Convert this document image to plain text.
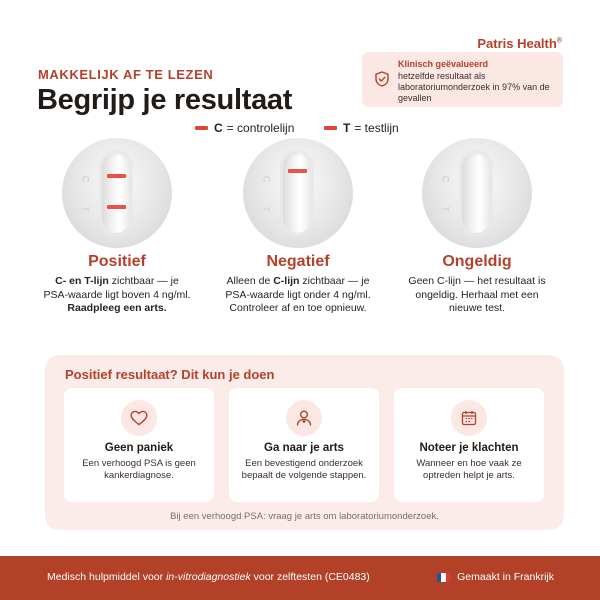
Patris Health®
MAKKELIJK AF TE LEZEN
Begrijp je resultaat
Klinisch geëvalueerd
hetzelfde resultaat als laboratoriumonderzoek in 97% van de gevallen
C = controlelijn	T = testlijn
C
T
C
T
C
T
Positief
C- en T-lijn zichtbaar — je PSA-waarde ligt boven 4 ng/ml. Raadpleeg een arts.
Negatief
Alleen de C-lijn zichtbaar — je PSA-waarde ligt onder 4 ng/ml. Controleer af en toe opnieuw.
Ongeldig
Geen C-lijn — het resultaat is ongeldig. Herhaal met een nieuwe test.
Positief resultaat? Dit kun je doen
Geen paniek
Een verhoogd PSA is geen kankerdiagnose.
Ga naar je arts
Een bevestigend onderzoek bepaalt de volgende stappen.
Noteer je klachten
Wanneer en hoe vaak ze optreden helpt je arts.
Bij een verhoogd PSA: vraag je arts om laboratoriumonderzoek.
Medisch hulpmiddel voor in-vitrodiagnostiek voor zelftesten (CE0483)	Gemaakt in Frankrijk
